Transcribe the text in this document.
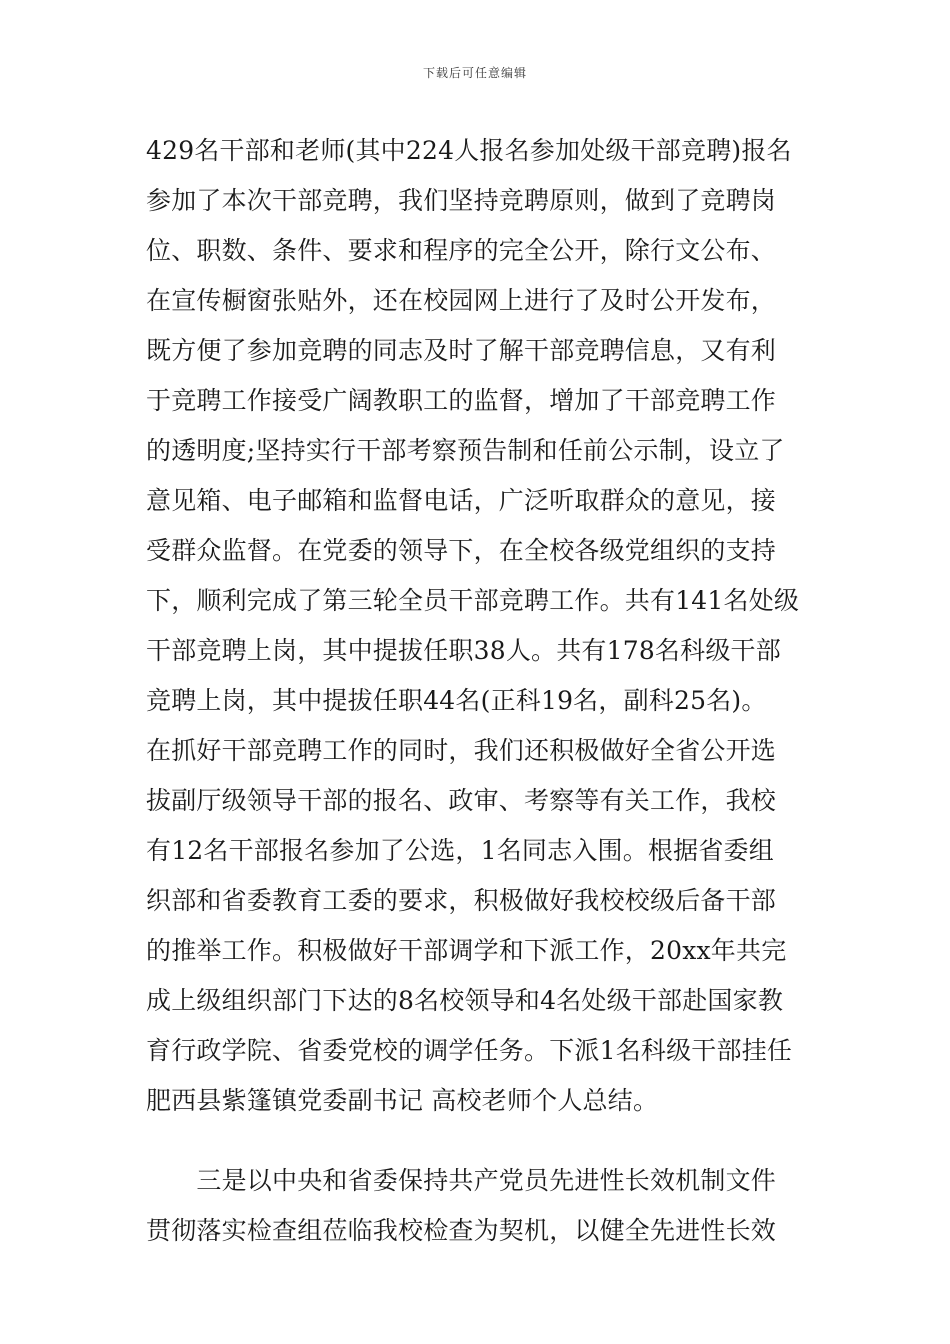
下载后可任意编辑
429名干部和老师(其中224人报名参加处级干部竞聘)报名
参加了本次干部竞聘，我们坚持竞聘原则，做到了竞聘岗
位、职数、条件、要求和程序的完全公开，除行文公布、
在宣传橱窗张贴外，还在校园网上进行了及时公开发布，
既方便了参加竞聘的同志及时了解干部竞聘信息，又有利
于竞聘工作接受广阔教职工的监督，增加了干部竞聘工作
的透明度;坚持实行干部考察预告制和任前公示制，设立了
意见箱、电子邮箱和监督电话，广泛听取群众的意见，接
受群众监督。在党委的领导下，在全校各级党组织的支持
下，顺利完成了第三轮全员干部竞聘工作。共有141名处级
干部竞聘上岗，其中提拔任职38人。共有178名科级干部
竞聘上岗，其中提拔任职44名(正科19名，副科25名)。
在抓好干部竞聘工作的同时，我们还积极做好全省公开选
拔副厅级领导干部的报名、政审、考察等有关工作，我校
有12名干部报名参加了公选，1名同志入围。根据省委组
织部和省委教育工委的要求，积极做好我校校级后备干部
的推举工作。积极做好干部调学和下派工作，20xx年共完
成上级组织部门下达的8名校领导和4名处级干部赴国家教
育行政学院、省委党校的调学任务。下派1名科级干部挂任
肥西县紫篷镇党委副书记 高校老师个人总结。
　　三是以中央和省委保持共产党员先进性长效机制文件
贯彻落实检查组莅临我校检查为契机，以健全先进性长效
